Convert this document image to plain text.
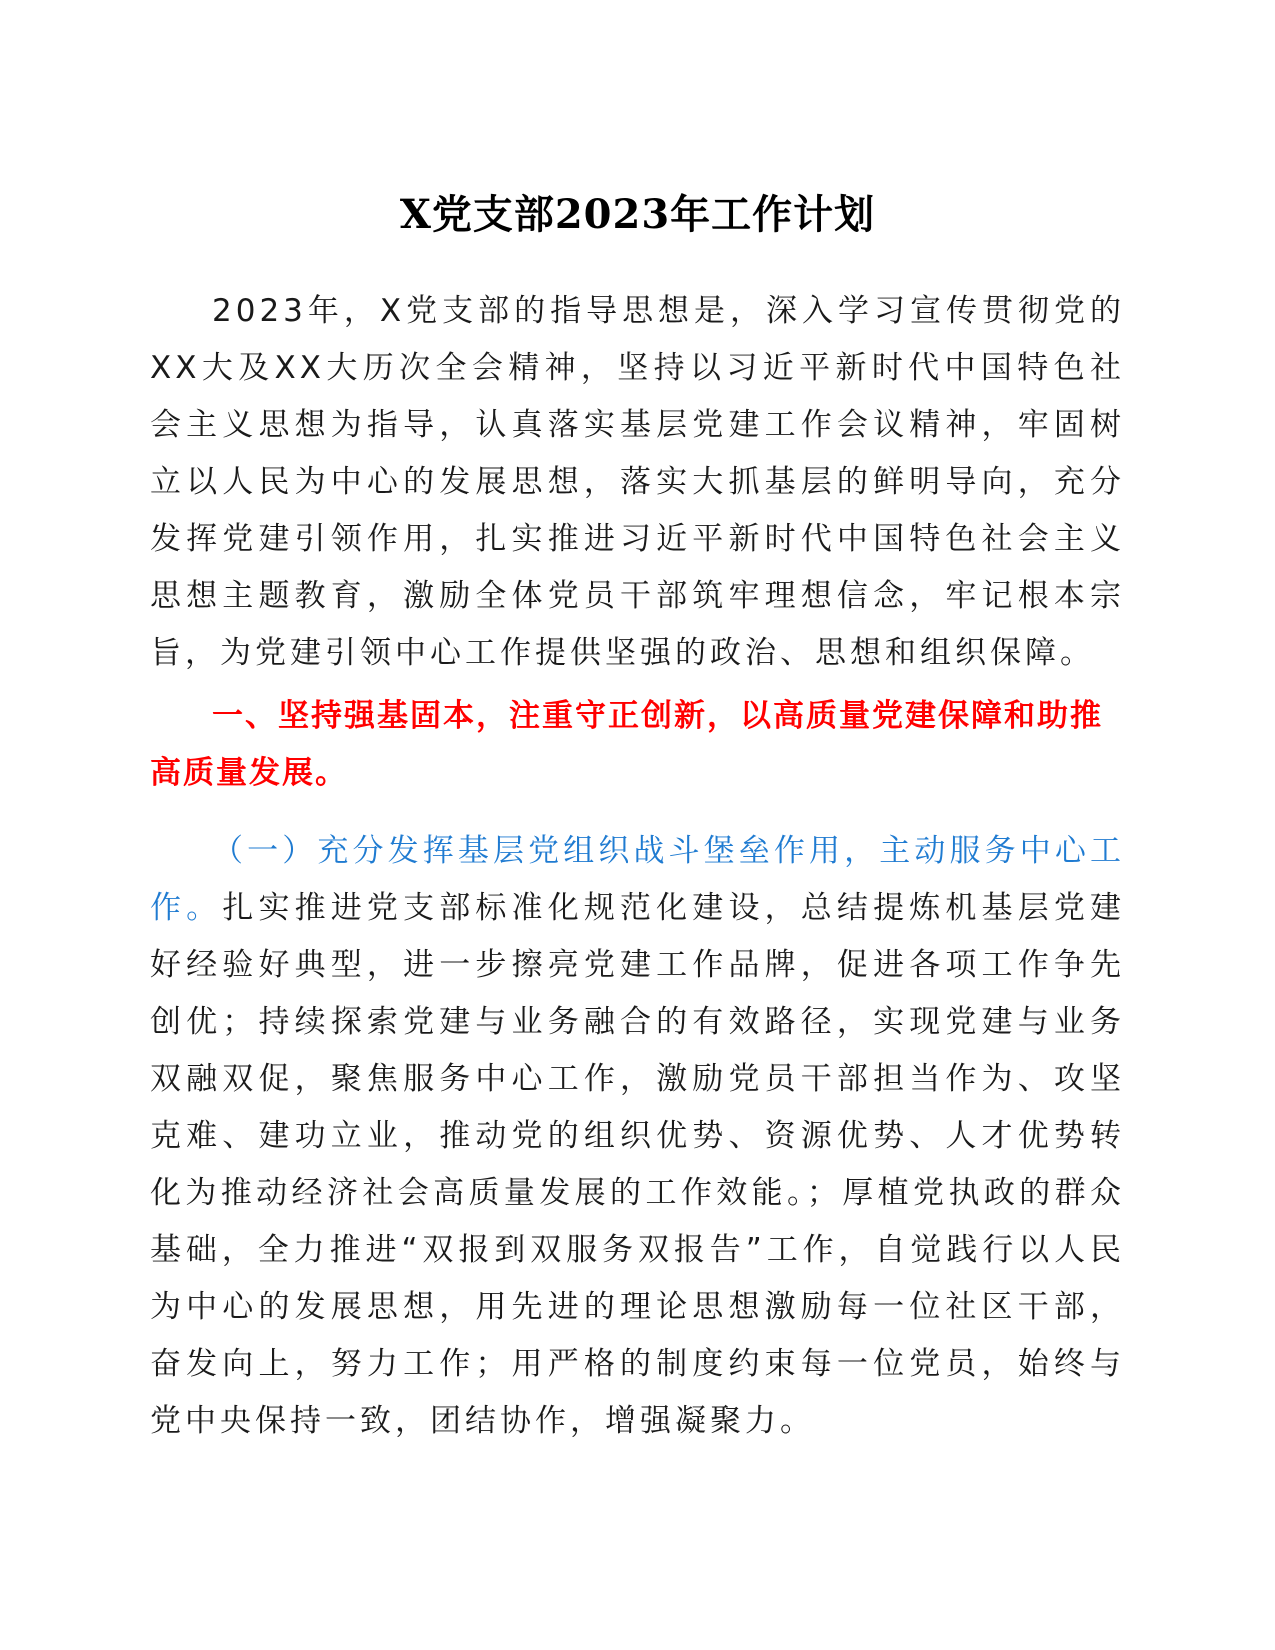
X党支部2023年工作计划

2023年，X党支部的指导思想是，深入学习宣传贯彻党的XX大及XX大历次全会精神，坚持以习近平新时代中国特色社会主义思想为指导，认真落实基层党建工作会议精神，牢固树立以人民为中心的发展思想，落实大抓基层的鲜明导向，充分发挥党建引领作用，扎实推进习近平新时代中国特色社会主义思想主题教育，激励全体党员干部筑牢理想信念，牢记根本宗旨，为党建引领中心工作提供坚强的政治、思想和组织保障。

一、坚持强基固本，注重守正创新，以高质量党建保障和助推高质量发展。

（一）充分发挥基层党组织战斗堡垒作用，主动服务中心工作。扎实推进党支部标准化规范化建设，总结提炼机基层党建好经验好典型，进一步擦亮党建工作品牌，促进各项工作争先创优；持续探索党建与业务融合的有效路径，实现党建与业务双融双促，聚焦服务中心工作，激励党员干部担当作为、攻坚克难、建功立业，推动党的组织优势、资源优势、人才优势转化为推动经济社会高质量发展的工作效能。；厚植党执政的群众基础，全力推进“双报到双服务双报告”工作，自觉践行以人民为中心的发展思想，用先进的理论思想激励每一位社区干部，奋发向上，努力工作；用严格的制度约束每一位党员，始终与党中央保持一致，团结协作，增强凝聚力。
